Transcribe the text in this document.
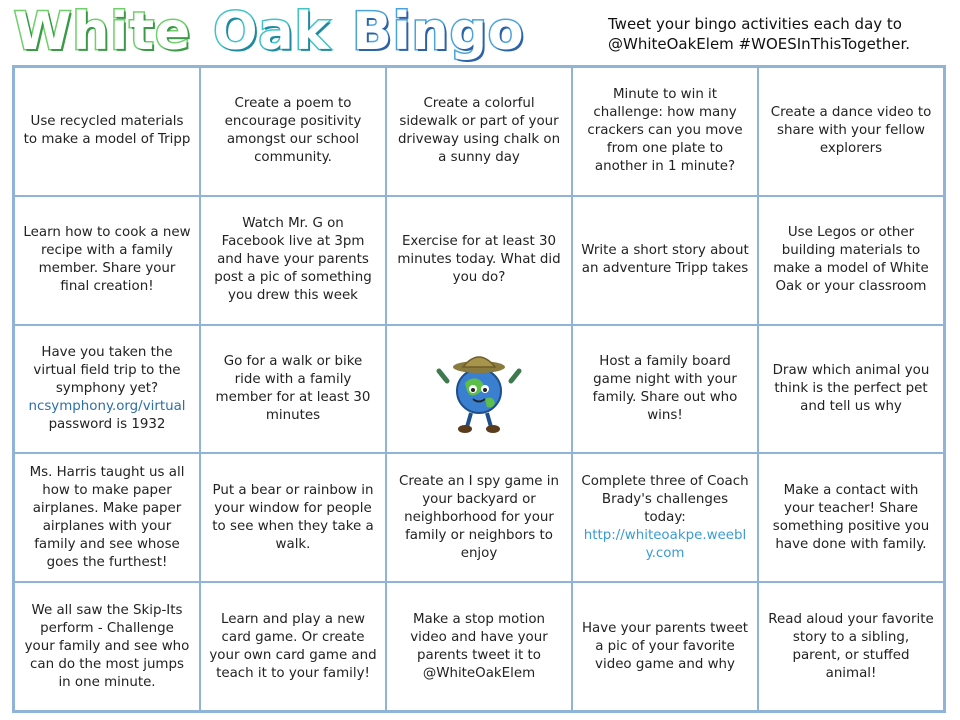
White Oak Bingo	Tweet your bingo activities each day to
@WhiteOakElem #WOESInThisTogether.
Use recycled materials to make a model of Tripp
Create a poem to encourage positivity amongst our school community.
Create a colorful sidewalk or part of your driveway using chalk on a sunny day
Minute to win it challenge: how many crackers can you move from one plate to another in 1 minute?
Create a dance video to share with your fellow explorers
Learn how to cook a new recipe with a family member. Share your final creation!
Watch Mr. G on Facebook live at 3pm and have your parents post a pic of something you drew this week
Exercise for at least 30 minutes today. What did you do?
Write a short story about an adventure Tripp takes
Use Legos or other building materials to make a model of White Oak or your classroom
Have you taken the virtual field trip to the symphony yet?
ncsymphony.org/virtual password is 1932
Go for a walk or bike ride with a family member for at least 30 minutes
Host a family board game night with your family. Share out who wins!
Draw which animal you think is the perfect pet and tell us why
Ms. Harris taught us all how to make paper airplanes. Make paper airplanes with your family and see whose goes the furthest!
Put a bear or rainbow in your window for people to see when they take a walk.
Create an I spy game in your backyard or neighborhood for your family or neighbors to enjoy
Complete three of Coach Brady's challenges today:
http://whiteoakpe.weebly.com
Make a contact with your teacher! Share something positive you have done with family.
We all saw the Skip-Its perform - Challenge your family and see who can do the most jumps in one minute.
Learn and play a new card game. Or create your own card game and teach it to your family!
Make a stop motion video and have your parents tweet it to @WhiteOakElem
Have your parents tweet a pic of your favorite video game and why
Read aloud your favorite story to a sibling, parent, or stuffed animal!
